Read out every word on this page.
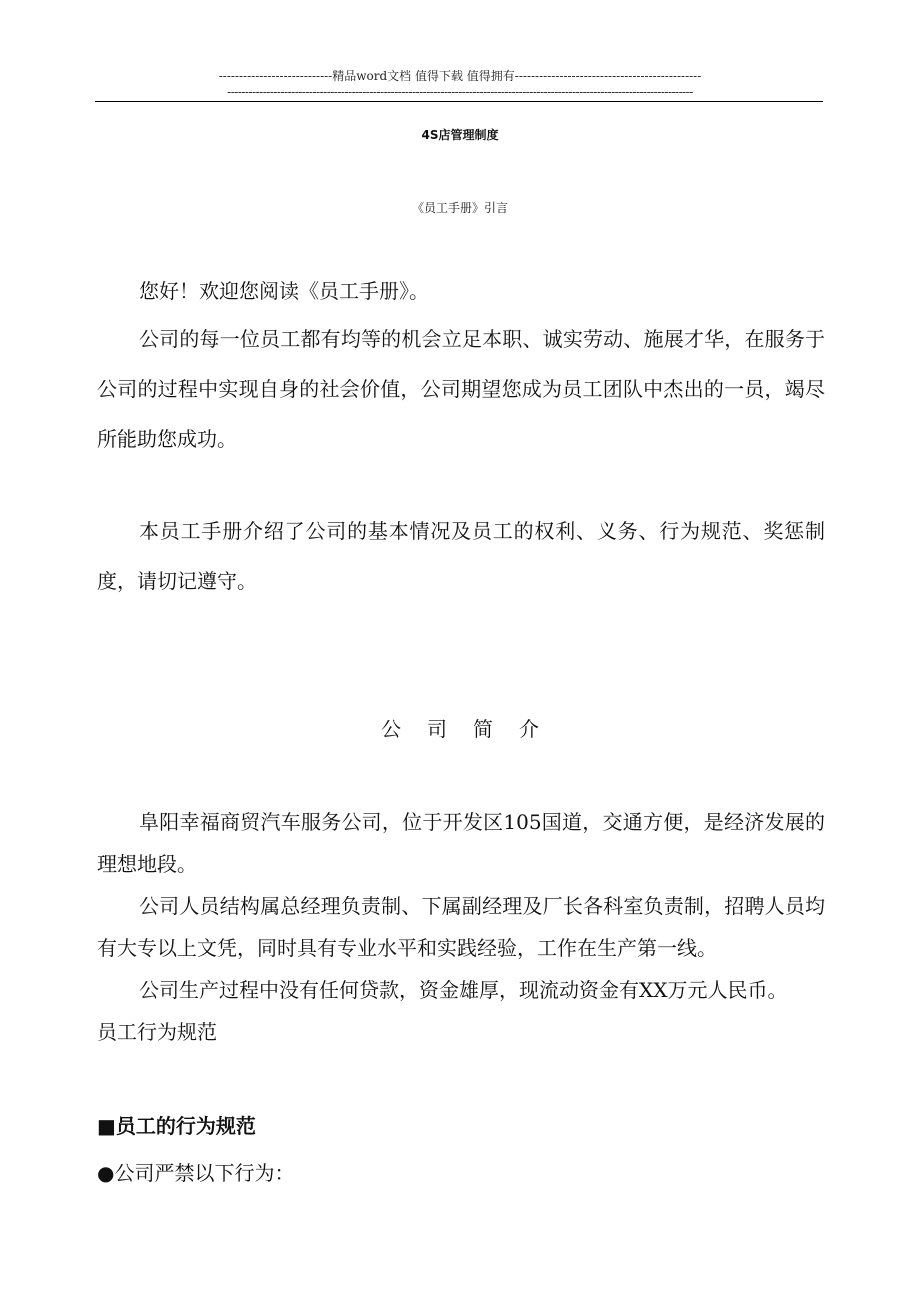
----------------------------精品word文档 值得下载 值得拥有----------------------------------------------
-----------------------------------------------------------------------------------------------------------------------------------
4S店管理制度
《员工手册》引言

您好！欢迎您阅读《员工手册》。

公司的每一位员工都有均等的机会立足本职、诚实劳动、施展才华，在服务于公司的过程中实现自身的社会价值，公司期望您成为员工团队中杰出的一员，竭尽所能助您成功。

本员工手册介绍了公司的基本情况及员工的权利、义务、行为规范、奖惩制度，请切记遵守。

公司简介

阜阳幸福商贸汽车服务公司，位于开发区105国道，交通方便，是经济发展的理想地段。

公司人员结构属总经理负责制、下属副经理及厂长各科室负责制，招聘人员均有大专以上文凭，同时具有专业水平和实践经验，工作在生产第一线。

公司生产过程中没有任何贷款，资金雄厚，现流动资金有XX万元人民币。

员工行为规范

■员工的行为规范
●公司严禁以下行为：
